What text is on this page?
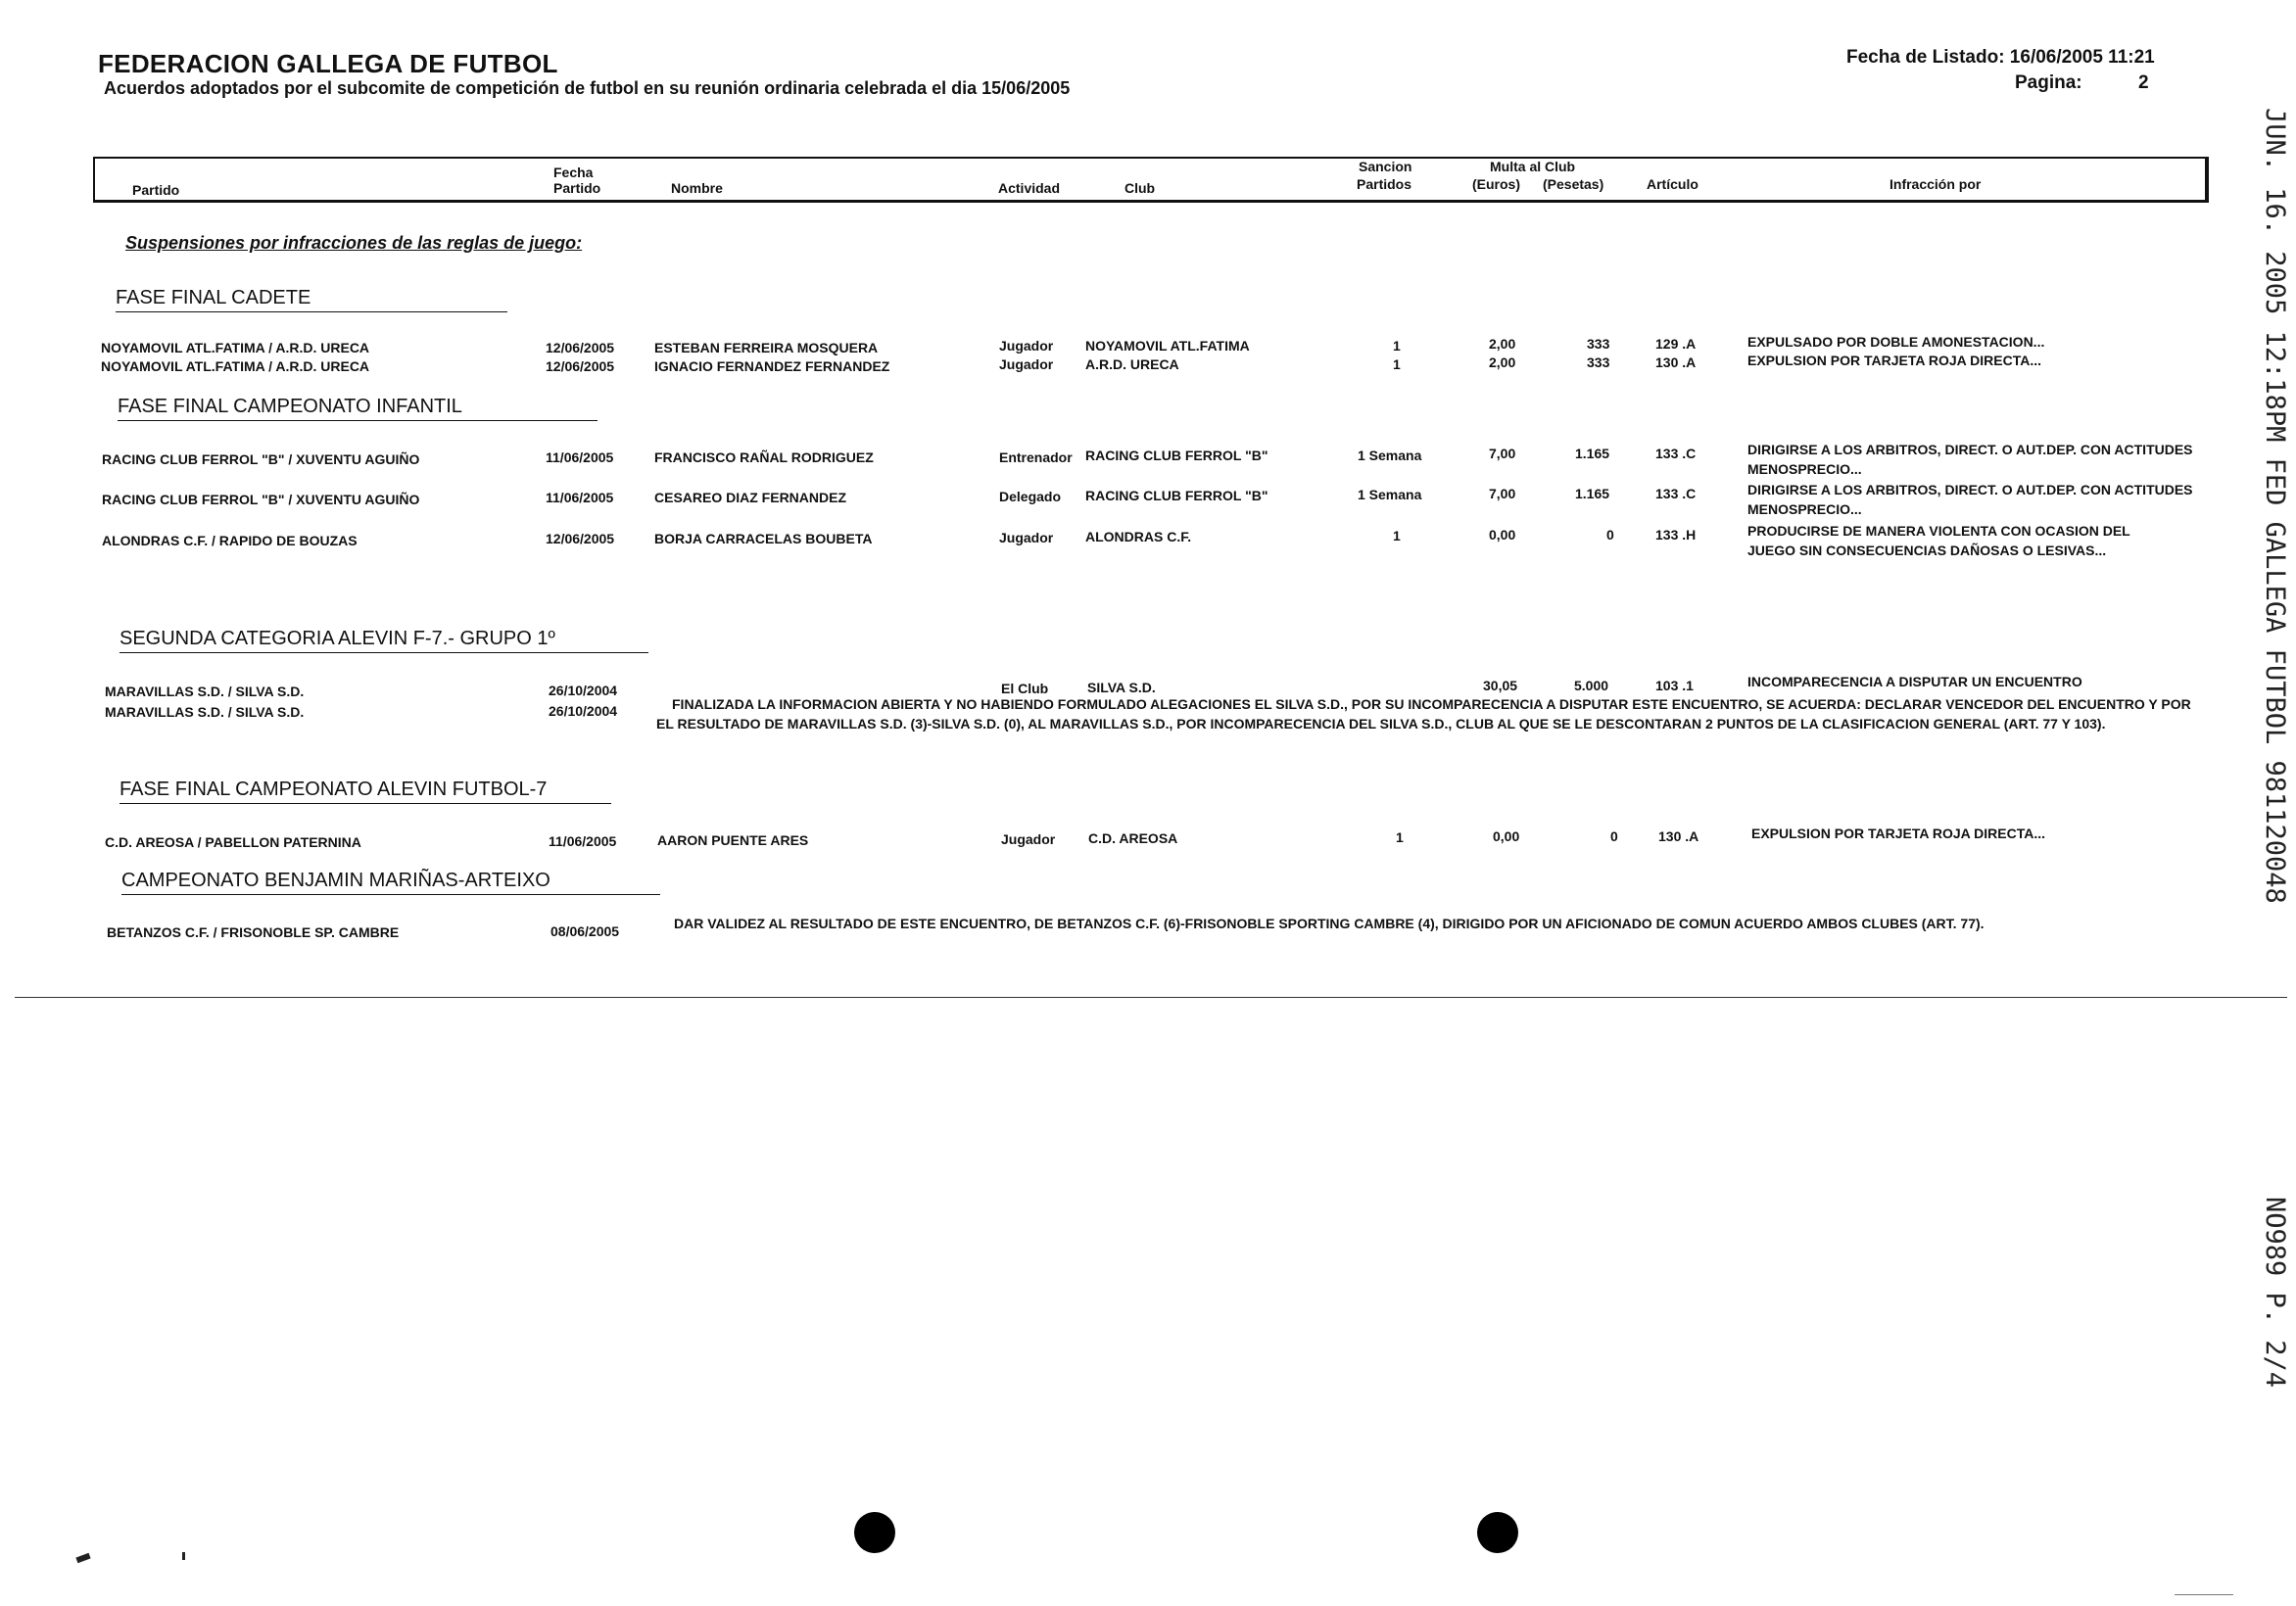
FEDERACION GALLEGA DE FUTBOL
Acuerdos adoptados por el subcomite de competición de futbol en su reunión ordinaria celebrada el dia 15/06/2005
Fecha de Listado: 16/06/2005 11:21
Pagina:	2
Partido
Fecha
Partido	Nombre	Actividad	Club
Sancion
Partidos
Multa al Club
(Euros) (Pesetas)	Artículo	Infracción por
Suspensiones por infracciones de las reglas de juego:
FASE FINAL CADETE
NOYAMOVIL ATL.FATIMA / A.R.D. URECA	12/06/2005	ESTEBAN FERREIRA MOSQUERA	Jugador NOYAMOVIL ATL.FATIMA	1	2,00	333	129 .A	EXPULSADO POR DOBLE AMONESTACION...
NOYAMOVIL ATL.FATIMA / A.R.D. URECA	12/06/2005	IGNACIO FERNANDEZ FERNANDEZ	Jugador A.R.D. URECA	1	2,00	333	130 .A	EXPULSION POR TARJETA ROJA DIRECTA...
FASE FINAL CAMPEONATO INFANTIL
RACING CLUB FERROL "B" / XUVENTU AGUIÑO	11/06/2005	FRANCISCO RAÑAL RODRIGUEZ	Entrenador RACING CLUB FERROL "B"	1 Semana	7,00	1.165	133 .C	DIRIGIRSE A LOS ARBITROS, DIRECT. O AUT.DEP. CON ACTITUDES MENOSPRECIO...
RACING CLUB FERROL "B" / XUVENTU AGUIÑO	11/06/2005	CESAREO DIAZ FERNANDEZ	Delegado RACING CLUB FERROL "B"	1 Semana	7,00	1.165	133 .C	DIRIGIRSE A LOS ARBITROS, DIRECT. O AUT.DEP. CON ACTITUDES MENOSPRECIO...
ALONDRAS C.F. / RAPIDO DE BOUZAS	12/06/2005	BORJA CARRACELAS BOUBETA	Jugador ALONDRAS C.F.	1	0,00	0	133 .H	PRODUCIRSE DE MANERA VIOLENTA CON OCASION DEL JUEGO SIN CONSECUENCIAS DAÑOSAS O LESIVAS...
SEGUNDA CATEGORIA ALEVIN F-7.- GRUPO 1º
MARAVILLAS S.D. / SILVA S.D.	26/10/2004	El Club	SILVA S.D.	30,05	5.000	103 .1	INCOMPARECENCIA A DISPUTAR UN ENCUENTRO
MARAVILLAS S.D. / SILVA S.D.	26/10/2004	FINALIZADA LA INFORMACION ABIERTA Y NO HABIENDO FORMULADO ALEGACIONES EL SILVA S.D., POR SU INCOMPARECENCIA A DISPUTAR ESTE ENCUENTRO, SE ACUERDA: DECLARAR VENCEDOR DEL ENCUENTRO Y POR EL RESULTADO DE MARAVILLAS S.D. (3)-SILVA S.D. (0), AL MARAVILLAS S.D., POR INCOMPARECENCIA DEL SILVA S.D., CLUB AL QUE SE LE DESCONTARAN 2 PUNTOS DE LA CLASIFICACION GENERAL (ART. 77 Y 103).
FASE FINAL CAMPEONATO ALEVIN FUTBOL-7
C.D. AREOSA / PABELLON PATERNINA	11/06/2005	AARON PUENTE ARES	Jugador C.D. AREOSA	1	0,00	0	130 .A	EXPULSION POR TARJETA ROJA DIRECTA...
CAMPEONATO BENJAMIN MARIÑAS-ARTEIXO
BETANZOS C.F. / FRISONOBLE SP. CAMBRE	08/06/2005	DAR VALIDEZ AL RESULTADO DE ESTE ENCUENTRO, DE BETANZOS C.F. (6)-FRISONOBLE SPORTING CAMBRE (4), DIRIGIDO POR UN AFICIONADO DE COMUN ACUERDO AMBOS CLUBES (ART. 77).
JUN. 16. 2005 12:18PM FED GALLEGA FUTBOL 981120048
NO989 P. 2/4
